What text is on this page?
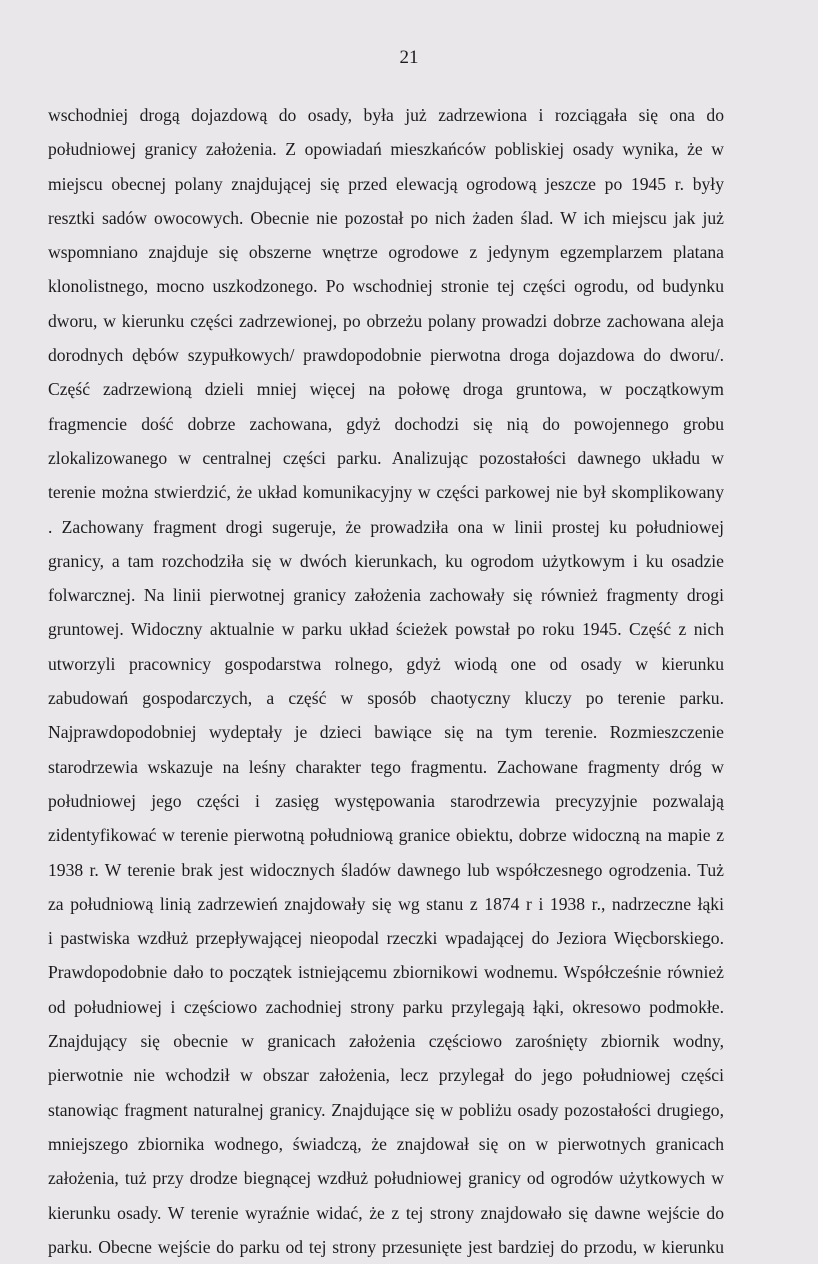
21
wschodniej drogą dojazdową do osady, była już zadrzewiona i rozciągała się ona do
południowej granicy założenia. Z opowiadań mieszkańców pobliskiej osady wynika, że w
miejscu obecnej polany znajdującej się przed elewacją ogrodową jeszcze po 1945 r. były
resztki sadów owocowych. Obecnie nie pozostał po nich żaden ślad. W ich miejscu jak już
wspomniano znajduje się obszerne wnętrze ogrodowe z jedynym egzemplarzem platana
klonolistnego, mocno uszkodzonego. Po wschodniej stronie tej części ogrodu, od budynku
dworu, w kierunku części zadrzewionej, po obrzeżu polany prowadzi dobrze zachowana aleja
dorodnych dębów szypułkowych/ prawdopodobnie pierwotna droga dojazdowa do dworu/.
Część zadrzewioną dzieli mniej więcej na połowę droga gruntowa, w początkowym
fragmencie dość dobrze zachowana, gdyż dochodzi się nią do powojennego grobu
zlokalizowanego w centralnej części parku. Analizując pozostałości dawnego układu w
terenie można stwierdzić, że układ komunikacyjny w części parkowej nie był skomplikowany
. Zachowany fragment drogi sugeruje, że prowadziła ona w linii prostej ku południowej
granicy, a tam rozchodziła się w dwóch kierunkach, ku ogrodom użytkowym i ku osadzie
folwarcznej. Na linii pierwotnej granicy założenia zachowały się również fragmenty drogi
gruntowej. Widoczny aktualnie w parku układ ścieżek powstał po roku 1945. Część z nich
utworzyli pracownicy gospodarstwa rolnego, gdyż wiodą one od osady w kierunku
zabudowań gospodarczych, a część w sposób chaotyczny kluczy po terenie parku.
Najprawdopodobniej wydeptały je dzieci bawiące się na tym terenie. Rozmieszczenie
starodrzewia wskazuje na leśny charakter tego fragmentu. Zachowane fragmenty dróg w
południowej jego części i zasięg występowania starodrzewia precyzyjnie pozwalają
zidentyfikować w terenie pierwotną południową granice obiektu, dobrze widoczną na mapie z
1938 r. W terenie brak jest widocznych śladów dawnego lub współczesnego ogrodzenia. Tuż
za południową linią zadrzewień znajdowały się wg stanu z 1874 r i 1938 r., nadrzeczne łąki
i pastwiska wzdłuż przepływającej nieopodal rzeczki wpadającej do Jeziora Więcborskiego.
Prawdopodobnie dało to początek istniejącemu zbiornikowi wodnemu. Współcześnie również
od południowej i częściowo zachodniej strony parku przylegają łąki, okresowo podmokłe.
Znajdujący się obecnie w granicach założenia częściowo zarośnięty zbiornik wodny,
pierwotnie nie wchodził w obszar założenia, lecz przylegał do jego południowej części
stanowiąc fragment naturalnej granicy. Znajdujące się w pobliżu osady pozostałości drugiego,
mniejszego zbiornika wodnego, świadczą, że znajdował się on w pierwotnych granicach
założenia, tuż przy drodze biegnącej wzdłuż południowej granicy od ogrodów użytkowych w
kierunku osady. W terenie wyraźnie widać, że z tej strony znajdowało się dawne wejście do
parku. Obecne wejście do parku od tej strony przesunięte jest bardziej do przodu, w kierunku
